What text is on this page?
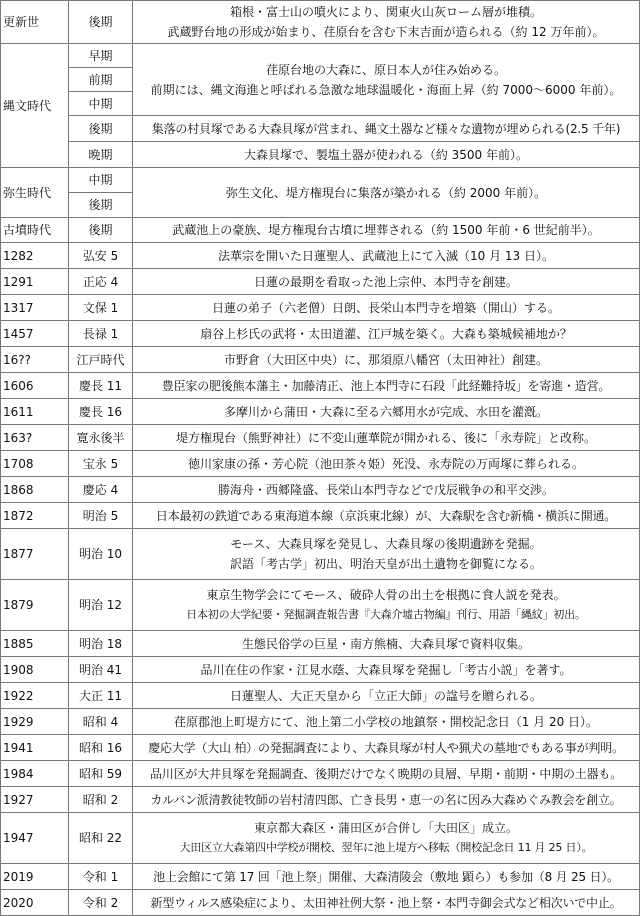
更新世	後期	箱根・富士山の噴火により、関東火山灰ローム層が堆積。
武蔵野台地の形成が始まり、荏原台を含む下末吉面が造られる（約 12 万年前）。

縄文時代	早期	荏原台地の大森に、原日本人が住み始める。
前期には、縄文海進と呼ばれる急激な地球温暖化・海面上昇（約 7000～6000 年前）。

	前期	
	中期	
	後期	集落の村貝塚である大森貝塚が営まれ、縄文土器など様々な遺物が埋められる(2.5 千年)
	晩期	大森貝塚で、製塩土器が使われる（約 3500 年前）。
弥生時代	中期	弥生文化、堤方権現台に集落が築かれる（約 2000 年前）。
	後期	
古墳時代	後期	武蔵池上の豪族、堤方権現台古墳に埋葬される（約 1500 年前・6 世紀前半）。
1282	弘安 5	法華宗を開いた日蓮聖人、武蔵池上にて入滅（10 月 13 日）。
1291	正応 4	日蓮の最期を看取った池上宗仲、本門寺を創建。
1317	文保 1	日蓮の弟子（六老僧）日朗、長栄山本門寺を増築（開山）する。
1457	長禄 1	扇谷上杉氏の武将・太田道灌、江戸城を築く。大森も築城候補地か？
16??	江戸時代	市野倉（大田区中央）に、那須原八幡宮（太田神社）創建。
1606	慶長 11	豊臣家の肥後熊本藩主・加藤清正、池上本門寺に石段「此経難持坂」を寄進・造営。
1611	慶長 16	多摩川から蒲田・大森に至る六郷用水が完成、水田を灌漑。
163?	寛永後半	堤方権現台（熊野神社）に不変山蓮華院が開かれる、後に「永寿院」と改称。
1708	宝永 5	徳川家康の孫・芳心院（池田茶々姫）死没、永寿院の万両塚に葬られる。
1868	慶応 4	勝海舟・西郷隆盛、長栄山本門寺などで戊辰戦争の和平交渉。
1872	明治 5	日本最初の鉄道である東海道本線（京浜東北線）が、大森駅を含む新橋・横浜に開通。
1877	明治 10	モース、大森貝塚を発見し、大森貝塚の後期遺跡を発掘。
訳語「考古学」初出、明治天皇が出土遺物を御覧になる。

1879	明治 12	東京生物学会にてモース、破砕人骨の出土を根拠に食人説を発表。
日本初の大学紀要・発掘調査報告書『大森介墟古物編』刊行、用語「縄紋」初出。

1885	明治 18	生態民俗学の巨星・南方熊楠、大森貝塚で資料収集。
1908	明治 41	品川在住の作家・江見水蔭、大森貝塚を発掘し「考古小説」を著す。
1922	大正 11	日蓮聖人、大正天皇から「立正大師」の諡号を贈られる。
1929	昭和 4	荏原郡池上町堤方にて、池上第二小学校の地鎮祭・開校記念日（1 月 20 日）。
1941	昭和 16	慶応大学（大山 柏）の発掘調査により、大森貝塚が村人や猟犬の墓地でもある事が判明。
1984	昭和 59	品川区が大井貝塚を発掘調査、後期だけでなく晩期の貝層、早期・前期・中期の土器も。
1927	昭和 2	カルバン派清教徒牧師の岩村清四郎、亡き長男・恵一の名に因み大森めぐみ教会を創立。
1947	昭和 22	東京都大森区・蒲田区が合併し「大田区」成立。
大田区立大森第四中学校が開校、翌年に池上堤方へ移転（開校記念日 11 月 25 日）。

2019	令和 1	池上会館にて第 17 回「池上祭」開催、大森清陵会（敷地 顕ら）も参加（8 月 25 日）。
2020	令和 2	新型ウィルス感染症により、太田神社例大祭・池上祭・本門寺御会式など相次いで中止。
